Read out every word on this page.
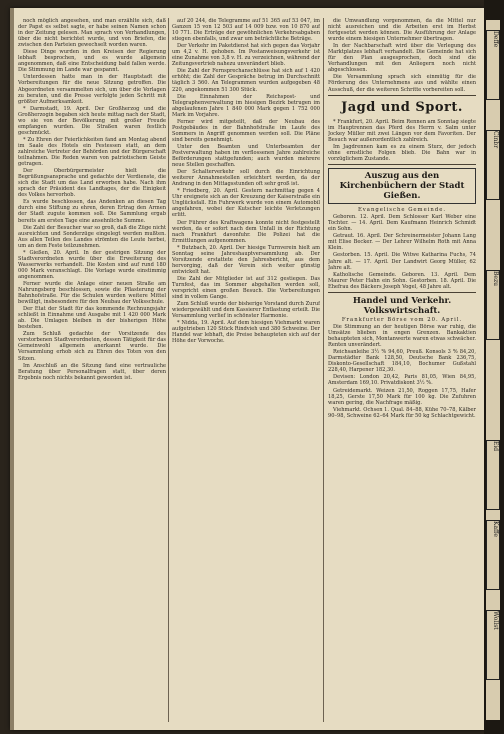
noch möglich angesehen, und man erzählte sich, daß der Papst es selbst sagte, er habe seinen Namen schon in der Zeitung gelesen. Man sprach von Verhandlungen, über die nicht berichtet wurde, und von Briefen, die zwischen den Parteien gewechselt worden waren.

Diese Dinge wurden in den Kreisen der Regierung lebhaft besprochen, und es wurde allgemein angenommen, daß eine Entscheidung bald fallen werde. Die Stimmung im Lande war gespannt.

Unterdessen hatte man in der Hauptstadt die Vorbereitungen für die neue Sitzung getroffen. Die Abgeordneten versammelten sich, um über die Vorlagen zu beraten, und die Presse verfolgte jeden Schritt mit größter Aufmerksamkeit.

* Darmstadt, 19. April. Der Großherzog und die Großherzogin begaben sich heute mittag nach der Stadt, wo sie von der Bevölkerung mit großer Freude empfangen wurden. Die Straßen waren festlich geschmückt.

* Zu Ehren der Feierlichkeiten fand am Montag abend im Saale des Hotels ein Festessen statt, an dem zahlreiche Vertreter der Behörden und der Bürgerschaft teilnahmen. Die Reden waren von patriotischem Geiste getragen.

Der Oberbürgermeister hielt die Begrüßungsansprache und gedachte der Verdienste, die sich die Stadt um das Land erworben habe. Nach ihm sprach der Präsident des Landtages, der die Einigkeit des Volkes hervorhob.

Es wurde beschlossen, das Andenken an diesen Tag durch eine Stiftung zu ehren, deren Ertrag den Armen der Stadt zugute kommen soll. Die Sammlung ergab bereits am ersten Tage eine ansehnliche Summe.

Die Zahl der Besucher war so groß, daß die Züge nicht ausreichten und Sonderzüge eingelegt werden mußten. Aus allen Teilen des Landes strömten die Leute herbei, um an dem Feste teilzunehmen.

* Gießen, 20. April. In der gestrigen Sitzung der Stadtverordneten wurde über die Erweiterung des Wasserwerks verhandelt. Die Kosten sind auf rund 180 000 Mark veranschlagt. Die Vorlage wurde einstimmig angenommen.

Ferner wurde die Anlage einer neuen Straße am Nahrungsberg beschlossen, sowie die Pflasterung der Bahnhofstraße. Für die Schulen wurden weitere Mittel bewilligt, insbesondere für den Neubau der Volksschule.

Der Etat der Stadt für das kommende Rechnungsjahr schließt in Einnahme und Ausgabe mit 1 420 000 Mark ab. Die Umlagen bleiben in der bisherigen Höhe bestehen.

Zum Schluß gedachte der Vorsitzende des verstorbenen Stadtverordneten, dessen Tätigkeit für das Gemeinwohl allgemein anerkannt wurde. Die Versammlung erhob sich zu Ehren des Toten von den Sitzen.

Im Anschluß an die Sitzung fand eine vertrauliche Beratung über Personalfragen statt, über deren Ergebnis noch nichts bekannt geworden ist.

auf 20 244, die Telegramme auf 51 365 auf 53 047, im Ganzen 15 von 12 503 auf 14 009 bzw. von 10 870 auf 10 771. Die Erträge der gewöhnlichen Verkehrsabgaben stiegen ebenfalls, und zwar um beträchtliche Beträge.

Der Verkehr im Paketdienst hat sich gegen das Vorjahr um 4,2 v. H. gehoben. Im Postanweisungsverkehr ist eine Zunahme von 3,8 v. H. zu verzeichnen, während der Zeitungsvertrieb nahezu unverändert blieb.

Die Zahl der Fernsprechanschlüsse hat sich auf 1 420 erhöht; die Zahl der Gespräche betrug im Durchschnitt täglich 3 560. An Telegrammen wurden aufgegeben 48 220, angekommen 51 300 Stück.

Die Einnahmen der Reichspost- und Telegraphenverwaltung im hiesigen Bezirk betrugen im abgelaufenen Jahre 1 840 000 Mark gegen 1 752 000 Mark im Vorjahre.

Ferner wird mitgeteilt, daß der Neubau des Postgebäudes in der Bahnhofstraße im Laufe des Sommers in Angriff genommen werden soll. Die Pläne sind bereits genehmigt.

Unter den Beamten und Unterbeamten der Postverwaltung haben im verflossenen Jahre zahlreiche Beförderungen stattgefunden; auch wurden mehrere neue Stellen geschaffen.

Der Schalterverkehr soll durch die Einrichtung weiterer Annahmestellen erleichtert werden, da der Andrang in den Mittagsstunden oft sehr groß ist.

* Friedberg, 20. April. Gestern nachmittag gegen 4 Uhr ereignete sich an der Kreuzung der Kaiserstraße ein Unglücksfall. Ein Fuhrwerk wurde von einem Automobil angefahren, wobei der Kutscher leichte Verletzungen erlitt.

Der Führer des Kraftwagens konnte nicht festgestellt werden, da er sofort nach dem Unfall in der Richtung nach Frankfurt davonfuhr. Die Polizei hat die Ermittlungen aufgenommen.

* Butzbach, 20. April. Der hiesige Turnverein hielt am Sonntag seine Jahreshauptversammlung ab. Der Vorsitzende erstattete den Jahresbericht, aus dem hervorging, daß der Verein sich weiter günstig entwickelt hat.

Die Zahl der Mitglieder ist auf 312 gestiegen. Das Turnfest, das im Sommer abgehalten werden soll, verspricht einen großen Besuch. Die Vorbereitungen sind in vollem Gange.

Zum Schluß wurde der bisherige Vorstand durch Zuruf wiedergewählt und dem Kassierer Entlastung erteilt. Die Versammlung verlief in schönster Harmonie.

* Nidda, 19. April. Auf dem hiesigen Viehmarkt waren aufgetrieben 120 Stück Rindvieh und 380 Schweine. Der Handel war lebhaft, die Preise behaupteten sich auf der Höhe der Vorwoche.

die Umwandlung vorgenommen, da die Mittel nur nicht ausreichen und die Arbeiten erst im Herbst fortgesetzt werden können. Die Ausführung der Anlage wurde einem hiesigen Unternehmer übertragen.

In der Nachbarschaft wird über die Verlegung des Marktplatzes lebhaft verhandelt. Die Gemeinde hat sich für den Plan ausgesprochen, doch sind die Verhandlungen mit den Anliegern noch nicht abgeschlossen.

Die Versammlung sprach sich einmütig für die Förderung des Unternehmens aus und wählte einen Ausschuß, der die weiteren Schritte vorbereiten soll.

Jagd und Sport.

* Frankfurt, 20. April. Beim Rennen am Sonntag siegte im Hauptrennen das Pferd des Herrn v. Salm unter Jockey Müller mit zwei Längen vor dem Favoriten. Der Besuch war außerordentlich zahlreich.

Im Jagdrennen kam es zu einem Sturz, der jedoch ohne ernstliche Folgen blieb. Die Bahn war in vorzüglichem Zustande.

Auszug aus den Kirchenbüchern der Stadt Gießen.
Evangelische Gemeinde.

Geboren. 12. April. Dem Schlosser Karl Weber eine Tochter. — 14. April. Dem Kaufmann Heinrich Schmidt ein Sohn.

Getraut. 16. April. Der Schreinermeister Johann Lang mit Elise Becker. — Der Lehrer Wilhelm Roth mit Anna Klein.

Gestorben. 15. April. Die Witwe Katharina Fuchs, 74 Jahre alt. — 17. April. Der Landwirt Georg Müller, 62 Jahre alt.

Katholische Gemeinde. Geboren. 13. April. Dem Maurer Peter Hahn ein Sohn. Gestorben. 18. April. Die Ehefrau des Bäckers Joseph Vogel, 48 Jahre alt.

Handel und Verkehr. Volkswirtschaft.
Frankfurter Börse vom 20. April.

Die Stimmung an der heutigen Börse war ruhig, die Umsätze blieben in engen Grenzen. Bankaktien behaupteten sich, Montanwerte waren etwas schwächer. Renten unverändert.

Reichsanleihe 3½ % 94,60, Preuß. Konsols 3 % 84,20, Darmstädter Bank 128,50, Deutsche Bank 236,75, Diskonto-Gesellschaft 184,10, Bochumer Gußstahl 228,40, Harpener 182,30.

Devisen: London 20,42, Paris 81,05, Wien 84,95, Amsterdam 169,10. Privatdiskont 3½ %.

Getreidemarkt. Weizen 21,50, Roggen 17,75, Hafer 18,25, Gerste 17,50 Mark für 100 kg. Die Zufuhren waren gering, die Nachfrage mäßig.

Viehmarkt. Ochsen 1. Qual. 84–88, Kühe 70–78, Kälber 90–98, Schweine 62–64 Mark für 50 kg Schlachtgewicht.

Deffe
Cinbr
Bezu
Eid
Kaffe
Wollst
